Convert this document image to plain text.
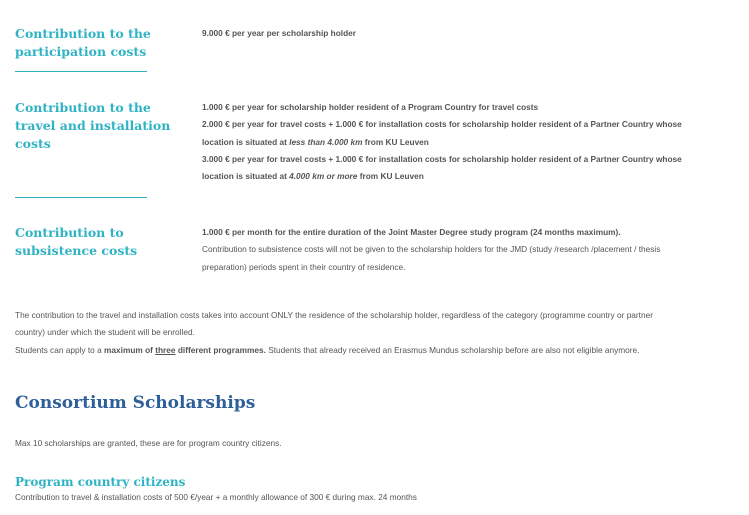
Contribution to the
participation costs
9.000 € per year per scholarship holder
Contribution to the
travel and installation
costs
1.000 € per year for scholarship holder resident of a Program Country for travel costs
2.000 € per year for travel costs + 1.000 € for installation costs for scholarship holder resident of a Partner Country whose
location is situated at less than 4.000 km from KU Leuven
3.000 € per year for travel costs + 1.000 € for installation costs for scholarship holder resident of a Partner Country whose
location is situated at 4.000 km or more from KU Leuven
Contribution to
subsistence costs
1.000 € per month for the entire duration of the Joint Master Degree study program (24 months maximum).
Contribution to subsistence costs will not be given to the scholarship holders for the JMD (study /research /placement / thesis
preparation) periods spent in their country of residence.
The contribution to the travel and installation costs takes into account ONLY the residence of the scholarship holder, regardless of the category (programme country or partner
country) under which the student will be enrolled.
Students can apply to a maximum of three different programmes. Students that already received an Erasmus Mundus scholarship before are also not eligible anymore.
Consortium Scholarships
Max 10 scholarships are granted, these are for program country citizens.
Program country citizens
Contribution to travel & installation costs of 500 €/year + a monthly allowance of 300 € during max. 24 months
